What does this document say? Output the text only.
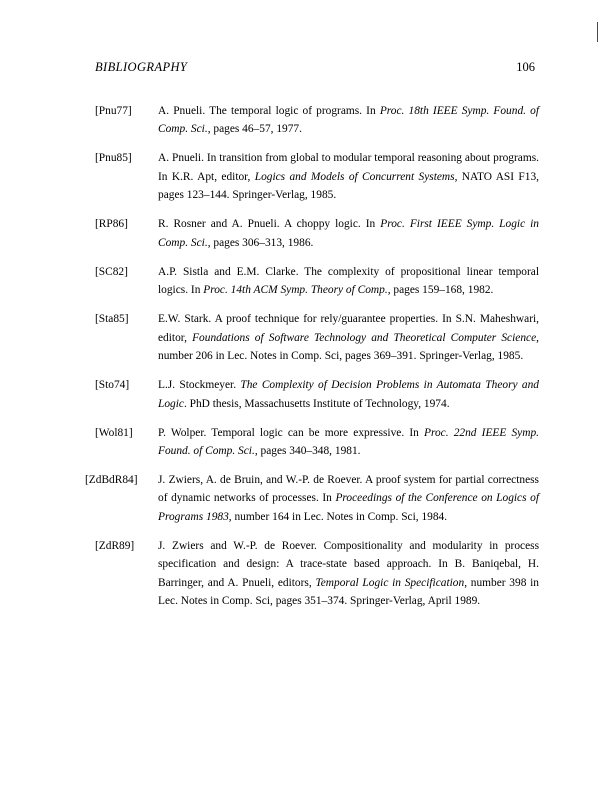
BIBLIOGRAPHY	106
[Pnu77]	A. Pnueli. The temporal logic of programs. In Proc. 18th IEEE Symp. Found. of Comp. Sci., pages 46–57, 1977.
[Pnu85]	A. Pnueli. In transition from global to modular temporal reasoning about programs. In K.R. Apt, editor, Logics and Models of Concurrent Systems, NATO ASI F13, pages 123–144. Springer-Verlag, 1985.
[RP86]	R. Rosner and A. Pnueli. A choppy logic. In Proc. First IEEE Symp. Logic in Comp. Sci., pages 306–313, 1986.
[SC82]	A.P. Sistla and E.M. Clarke. The complexity of propositional linear temporal logics. In Proc. 14th ACM Symp. Theory of Comp., pages 159–168, 1982.
[Sta85]	E.W. Stark. A proof technique for rely/guarantee properties. In S.N. Maheshwari, editor, Foundations of Software Technology and Theoretical Computer Science, number 206 in Lec. Notes in Comp. Sci, pages 369–391. Springer-Verlag, 1985.
[Sto74]	L.J. Stockmeyer. The Complexity of Decision Problems in Automata Theory and Logic. PhD thesis, Massachusetts Institute of Technology, 1974.
[Wol81]	P. Wolper. Temporal logic can be more expressive. In Proc. 22nd IEEE Symp. Found. of Comp. Sci., pages 340–348, 1981.
[ZdBdR84]	J. Zwiers, A. de Bruin, and W.-P. de Roever. A proof system for partial correctness of dynamic networks of processes. In Proceedings of the Conference on Logics of Programs 1983, number 164 in Lec. Notes in Comp. Sci, 1984.
[ZdR89]	J. Zwiers and W.-P. de Roever. Compositionality and modularity in process specification and design: A trace-state based approach. In B. Baniqebal, H. Barringer, and A. Pnueli, editors, Temporal Logic in Specification, number 398 in Lec. Notes in Comp. Sci, pages 351–374. Springer-Verlag, April 1989.
